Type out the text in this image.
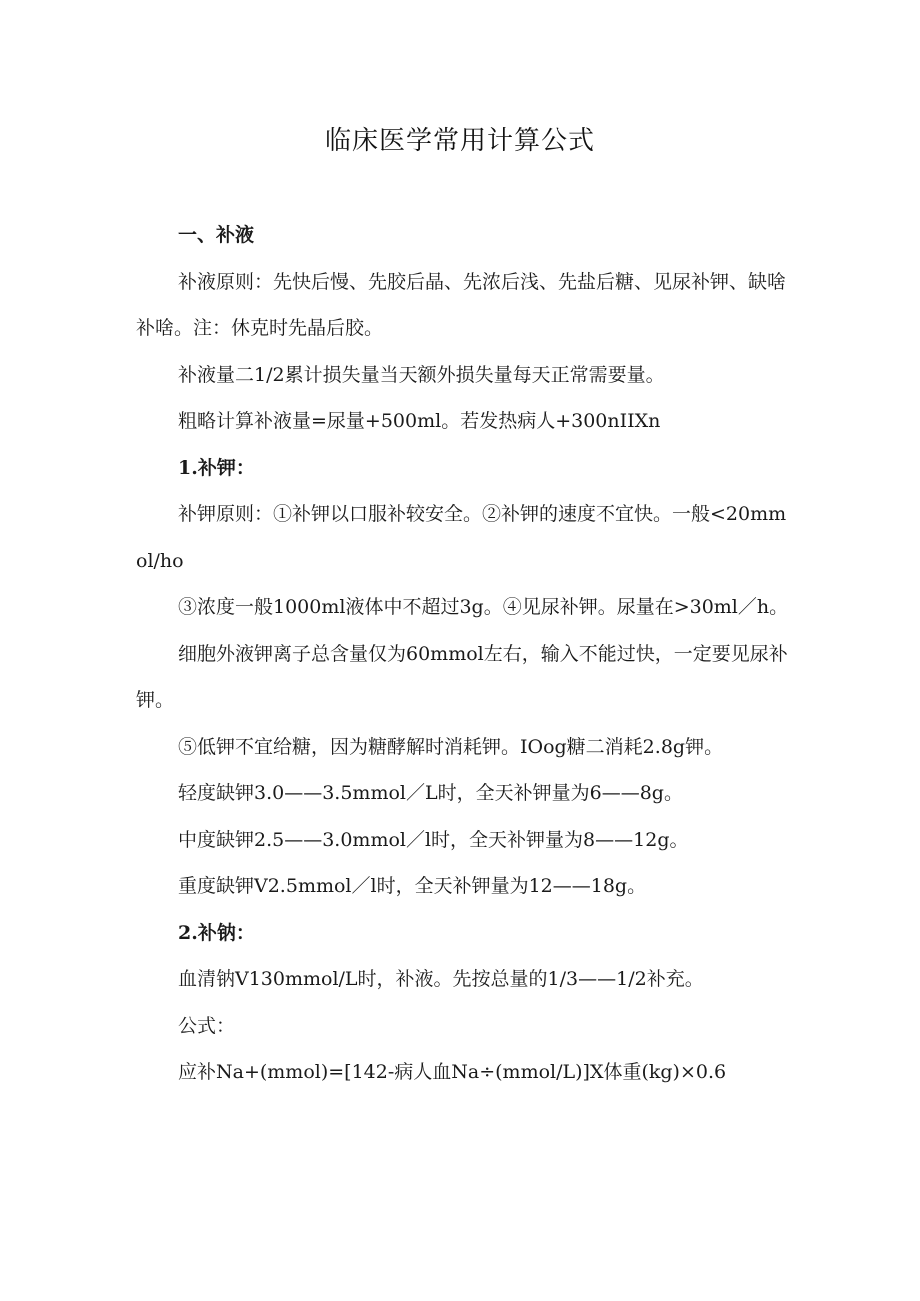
临床医学常用计算公式

一、补液

补液原则：先快后慢、先胶后晶、先浓后浅、先盐后糖、见尿补钾、缺啥补啥。注：休克时先晶后胶。

补液量二1/2累计损失量当天额外损失量每天正常需要量。

粗略计算补液量=尿量+500ml。若发热病人+300nIIXn

1.补钾：

补钾原则：①补钾以口服补较安全。②补钾的速度不宜快。一般<20mmol/ho

③浓度一般1000ml液体中不超过3g。④见尿补钾。尿量在>30ml／h。

细胞外液钾离子总含量仅为60mmol左右，输入不能过快，一定要见尿补钾。

⑤低钾不宜给糖，因为糖酵解时消耗钾。IOog糖二消耗2.8g钾。

轻度缺钾3.0——3.5mmol／L时，全天补钾量为6——8g。

中度缺钾2.5——3.0mmol／l时，全天补钾量为8——12g。

重度缺钾V2.5mmol／l时，全天补钾量为12——18g。

2.补钠：

血清钠V130mmol/L时，补液。先按总量的1/3——1/2补充。

公式：

应补Na+(mmol)=[142-病人血Na÷(mmol/L)]X体重(kg)×0.6
